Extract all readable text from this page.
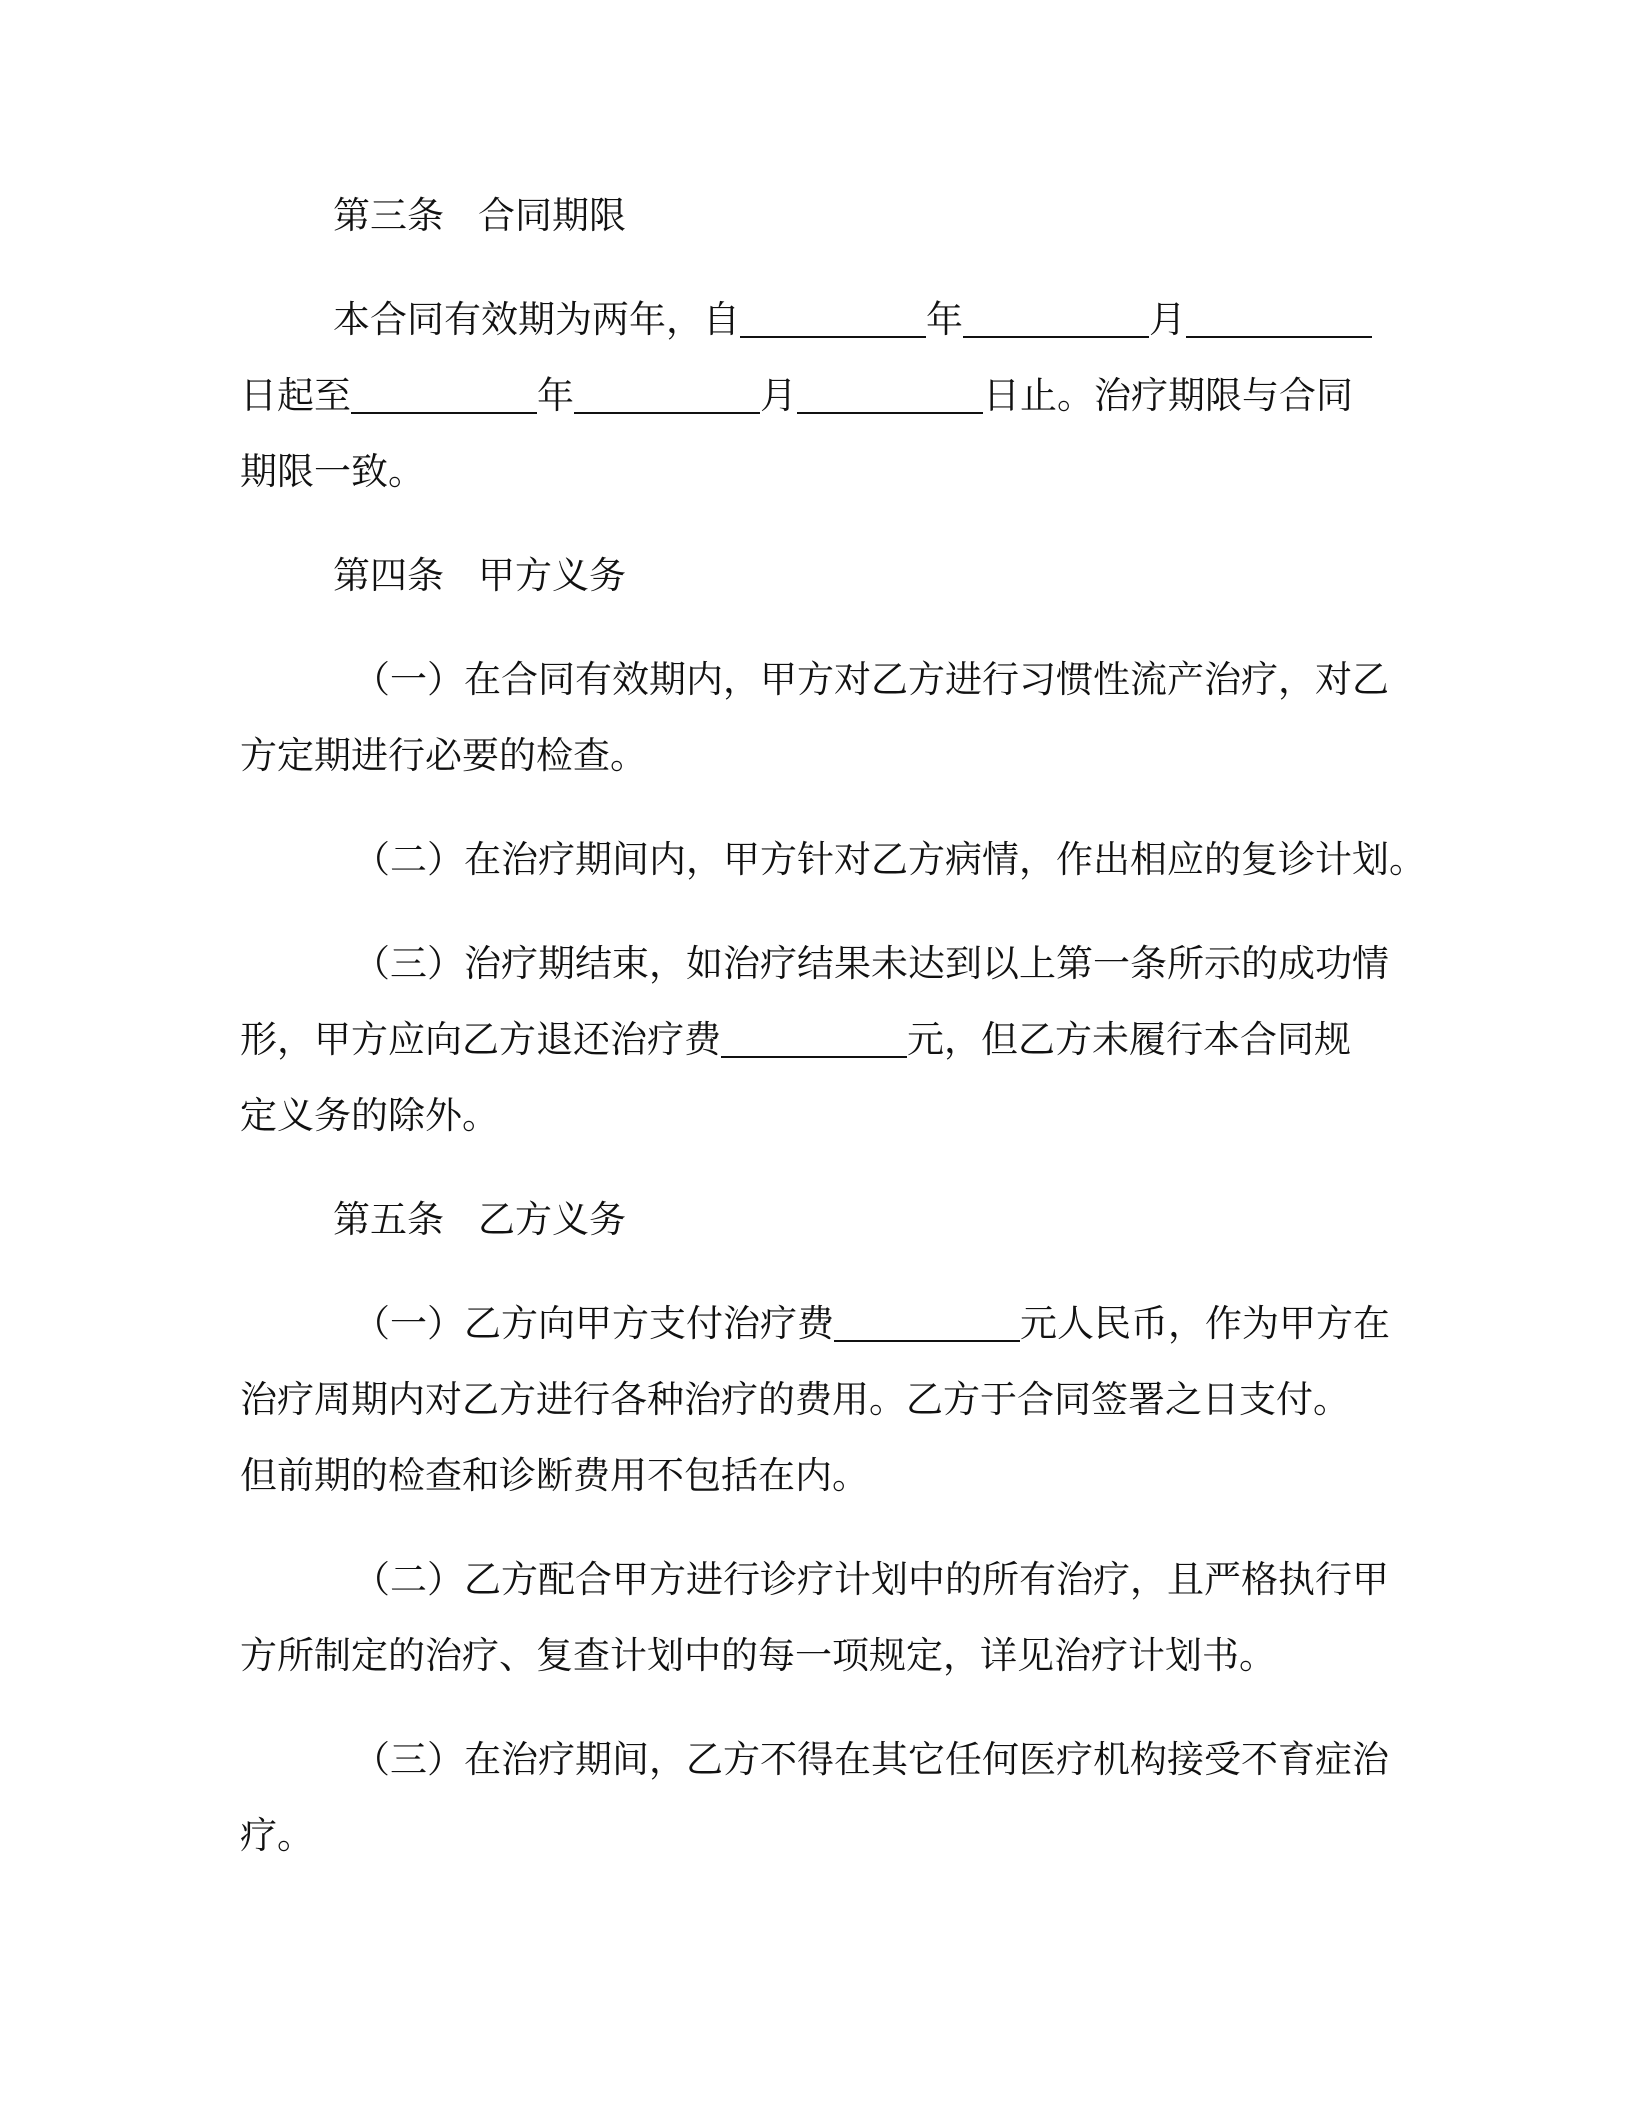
第三条 合同期限
本合同有效期为两年，自	年	月
日起至	年	月	日止。治疗期限与合同
期限一致。
第四条 甲方义务
（一）在合同有效期内，甲方对乙方进行习惯性流产治疗，对乙
方定期进行必要的检查。
（二）在治疗期间内，甲方针对乙方病情，作出相应的复诊计划。
（三）治疗期结束，如治疗结果未达到以上第一条所示的成功情
形，甲方应向乙方退还治疗费	元，但乙方未履行本合同规
定义务的除外。
第五条 乙方义务
（一）乙方向甲方支付治疗费	元人民币，作为甲方在
治疗周期内对乙方进行各种治疗的费用。乙方于合同签署之日支付。
但前期的检查和诊断费用不包括在内。
（二）乙方配合甲方进行诊疗计划中的所有治疗，且严格执行甲
方所制定的治疗、复查计划中的每一项规定，详见治疗计划书。
（三）在治疗期间，乙方不得在其它任何医疗机构接受不育症治
疗。
